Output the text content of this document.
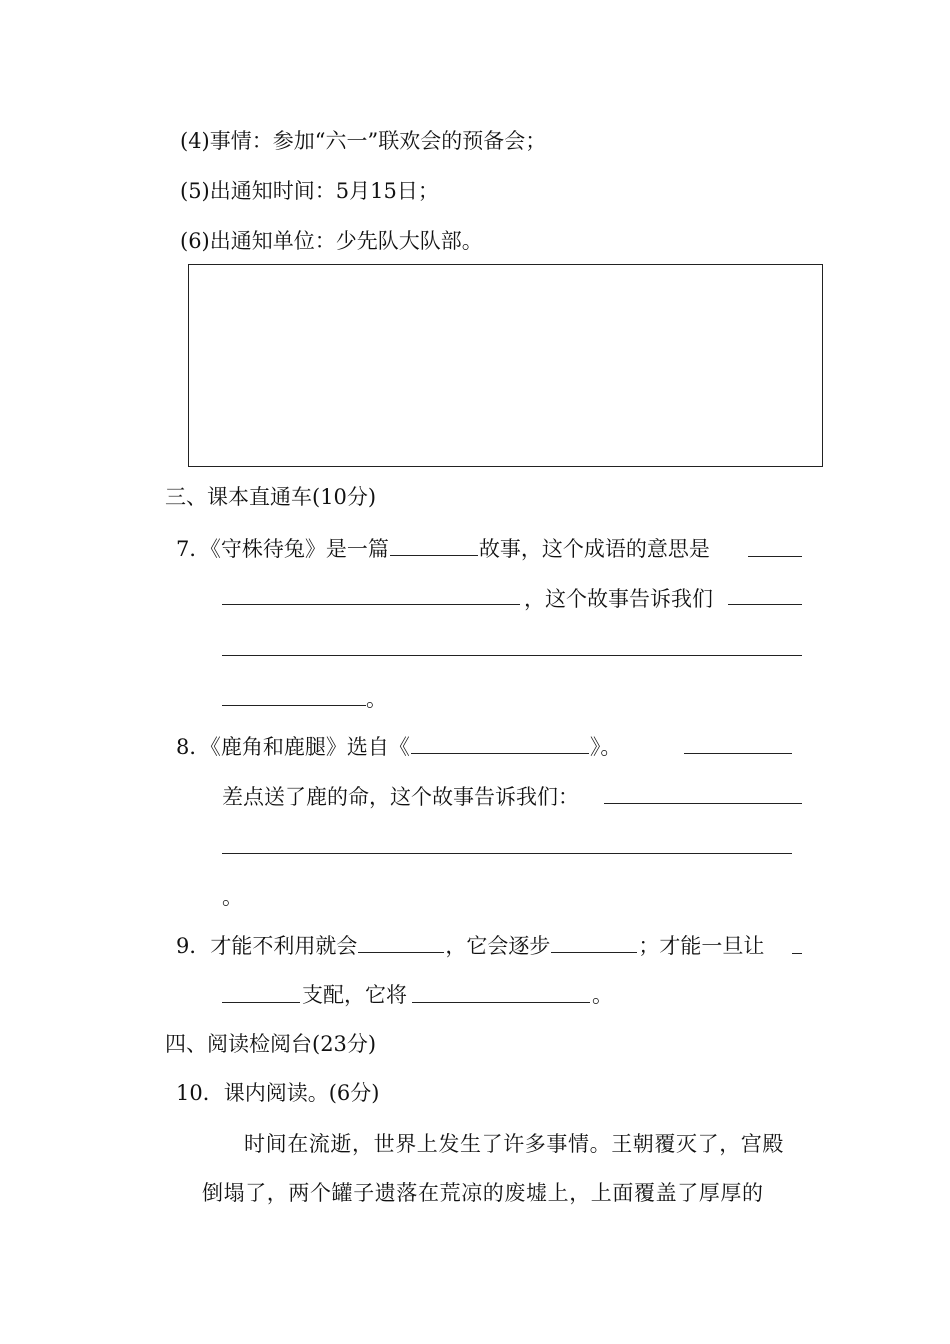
(4)事情：参加“六一”联欢会的预备会；
(5)出通知时间：5月15日；
(6)出通知单位：少先队大队部。
三、课本直通车(10分)
7．《守株待兔》是一篇	故事，这个成语的意思是
，这个故事告诉我们
。
8．《鹿角和鹿腿》选自《	》。
差点送了鹿的命，这个故事告诉我们：
。
9．才能不利用就会	，它会逐步	；才能一旦让
支配，它将	。
四、阅读检阅台(23分)
10．课内阅读。(6分)
时间在流逝，世界上发生了许多事情。王朝覆灭了，宫殿
倒塌了，两个罐子遗落在荒凉的废墟上，上面覆盖了厚厚的
